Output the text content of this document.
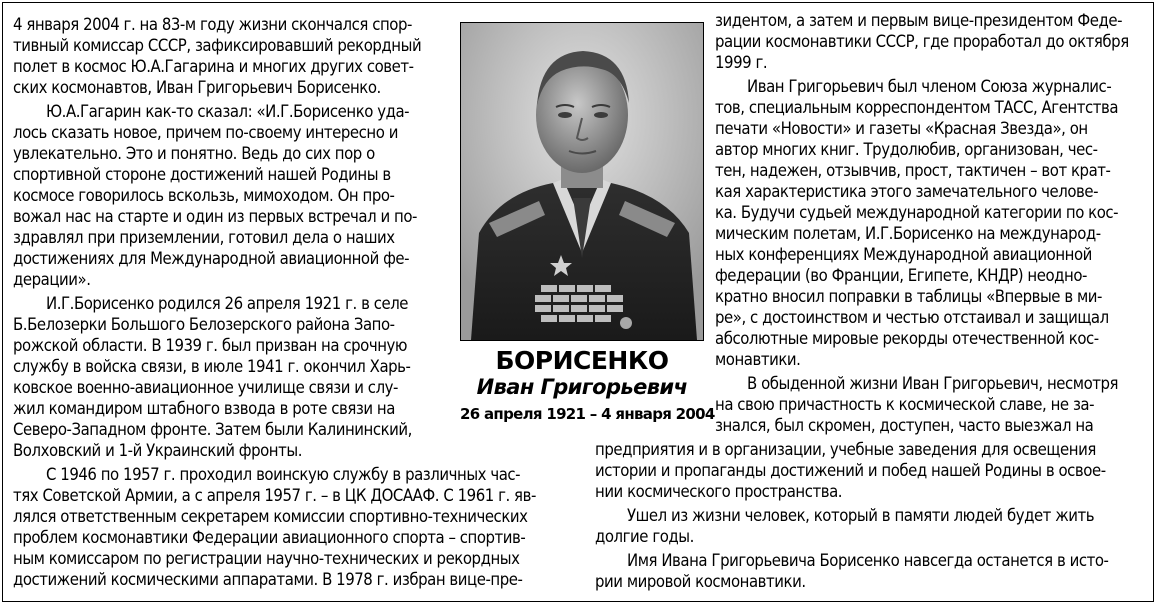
4 января 2004 г. на 83-м году жизни скончался спор-
тивный комиссар СССР, зафиксировавший рекордный
полет в космос Ю.А.Гагарина и многих других совет-
ских космонавтов, Иван Григорьевич Борисенко.
Ю.А.Гагарин как-то сказал: «И.Г.Борисенко уда-
лось сказать новое, причем по-своему интересно и
увлекательно. Это и понятно. Ведь до сих пор о
спортивной стороне достижений нашей Родины в
космосе говорилось вскользь, мимоходом. Он про-
вожал нас на старте и один из первых встречал и по-
здравлял при приземлении, готовил дела о наших
достижениях для Международной авиационной фе-
дерации».
И.Г.Борисенко родился 26 апреля 1921 г. в селе
Б.Белозерки Большого Белозерского района Запо-
рожской области. В 1939 г. был призван на срочную
службу в войска связи, в июле 1941 г. окончил Харь-
ковское военно-авиационное училище связи и слу-
жил командиром штабного взвода в роте связи на
Северо-Западном фронте. Затем были Калининский,
Волховский и 1-й Украинский фронты.
С 1946 по 1957 г. проходил воинскую службу в различных час-
тях Советской Армии, а с апреля 1957 г. – в ЦК ДОСААФ. С 1961 г. яв-
лялся ответственным секретарем комиссии спортивно-технических
проблем космонавтики Федерации авиационного спорта – спортив-
ным комиссаром по регистрации научно-технических и рекордных
достижений космическими аппаратами. В 1978 г. избран вице-пре-
зидентом, а затем и первым вице-президентом Феде-
рации космонавтики СССР, где проработал до октября
1999 г.
Иван Григорьевич был членом Союза журналис-
тов, специальным корреспондентом ТАСС, Агентства
печати «Новости» и газеты «Красная Звезда», он
автор многих книг. Трудолюбив, организован, чес-
тен, надежен, отзывчив, прост, тактичен – вот крат-
кая характеристика этого замечательного челове-
ка. Будучи судьей международной категории по кос-
мическим полетам, И.Г.Борисенко на международ-
ных конференциях Международной авиационной
федерации (во Франции, Египете, КНДР) неодно-
кратно вносил поправки в таблицы «Впервые в ми-
ре», с достоинством и честью отстаивал и защищал
абсолютные мировые рекорды отечественной кос-
монавтики.
В обыденной жизни Иван Григорьевич, несмотря
на свою причастность к космической славе, не за-
знался, был скромен, доступен, часто выезжал на
предприятия и в организации, учебные заведения для освещения
истории и пропаганды достижений и побед нашей Родины в освое-
нии космического пространства.
Ушел из жизни человек, который в памяти людей будет жить
долгие годы.
Имя Ивана Григорьевича Борисенко навсегда останется в исто-
рии мировой космонавтики.
БОРИСЕНКО
Иван Григорьевич
26 апреля 1921 – 4 января 2004
